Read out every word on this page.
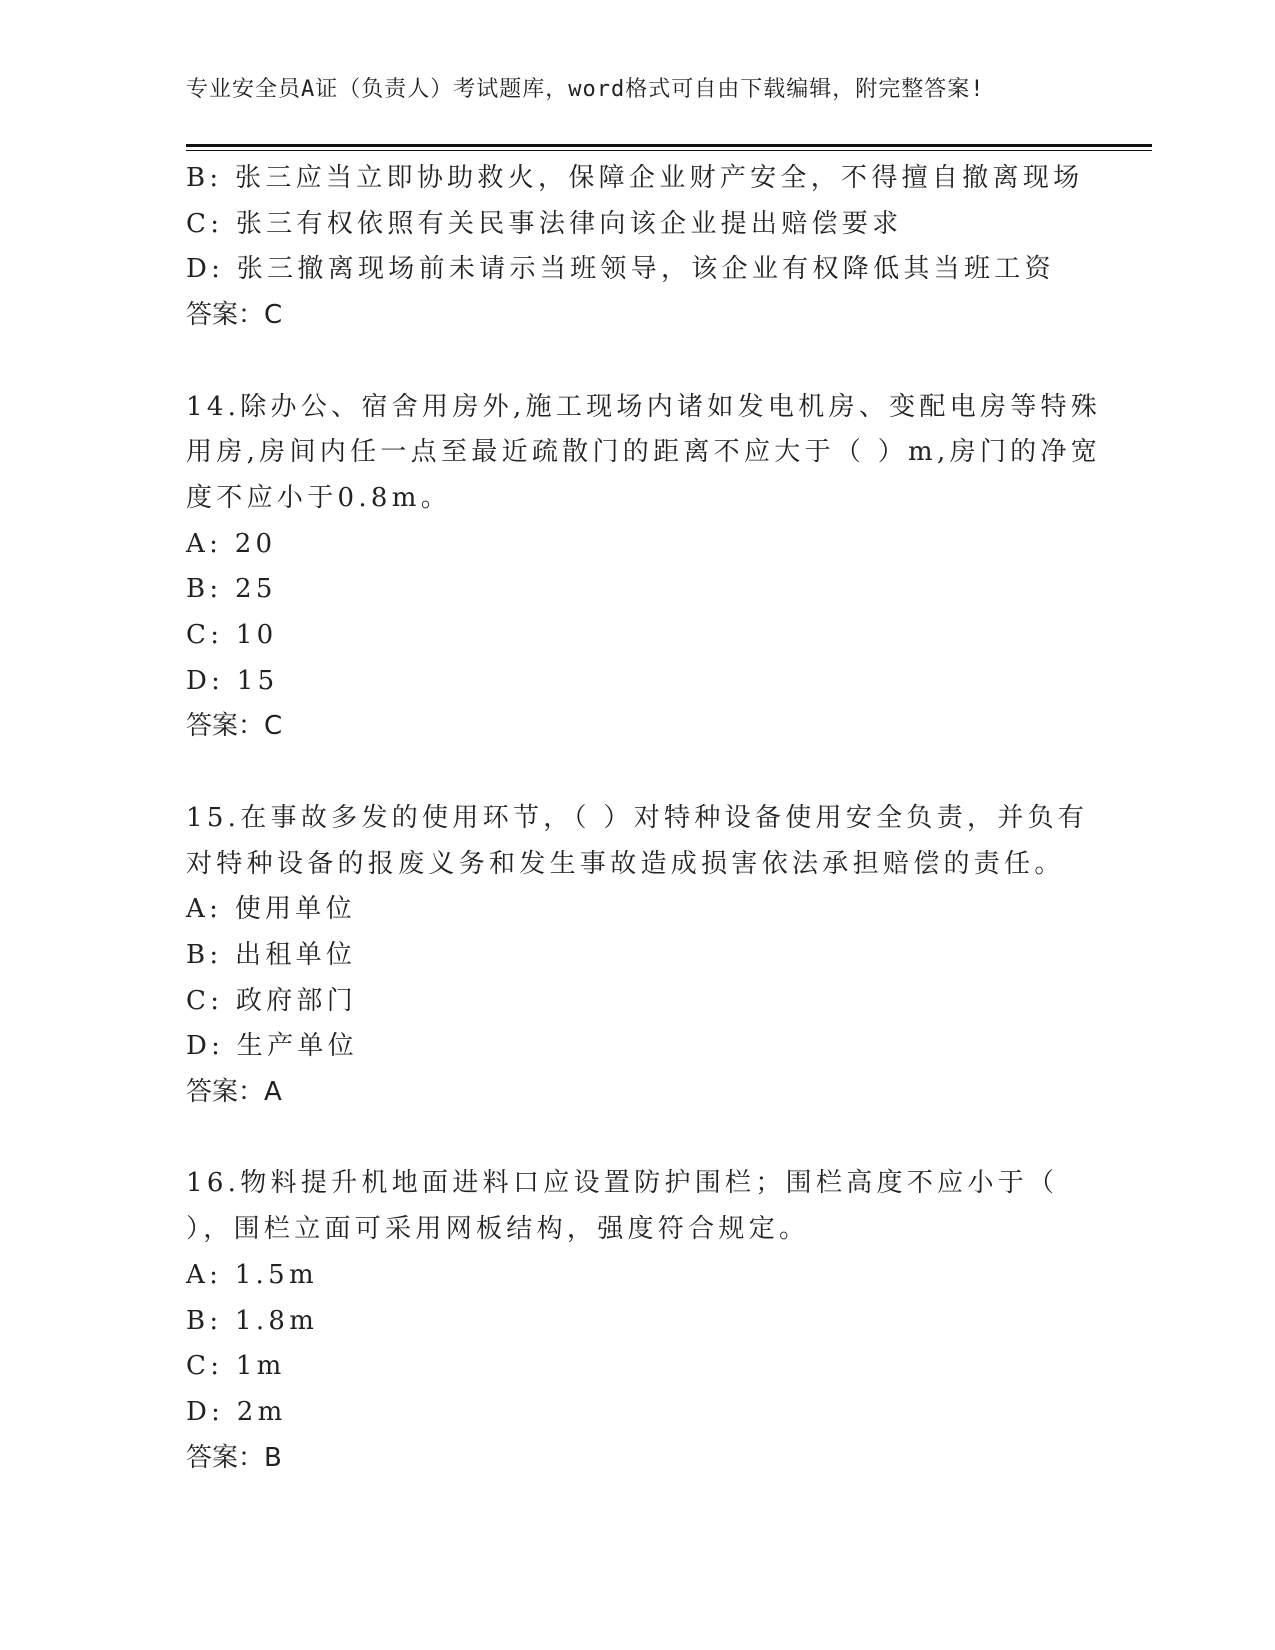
专业安全员A证（负责人）考试题库，word格式可自由下载编辑，附完整答案!
B: 张三应当立即协助救火，保障企业财产安全，不得擅自撤离现场
C: 张三有权依照有关民事法律向该企业提出赔偿要求
D: 张三撤离现场前未请示当班领导，该企业有权降低其当班工资
答案：C
14.除办公、宿舍用房外,施工现场内诸如发电机房、变配电房等特殊
用房,房间内任一点至最近疏散门的距离不应大于（ ）m,房门的净宽
度不应小于0.8m。
A: 20
B: 25
C: 10
D: 15
答案：C
15.在事故多发的使用环节，（ ）对特种设备使用安全负责，并负有
对特种设备的报废义务和发生事故造成损害依法承担赔偿的责任。
A: 使用单位
B: 出租单位
C: 政府部门
D: 生产单位
答案：A
16.物料提升机地面进料口应设置防护围栏；围栏高度不应小于（
），围栏立面可采用网板结构，强度符合规定。
A: 1.5m
B: 1.8m
C: 1m
D: 2m
答案：B
